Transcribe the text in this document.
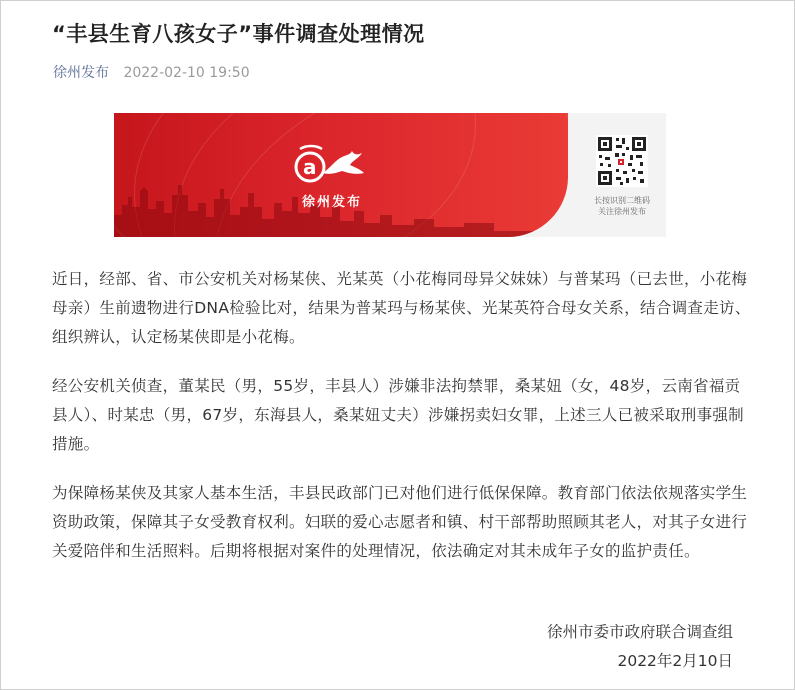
“丰县生育八孩女子”事件调查处理情况
徐州发布 2022-02-10 19:50
a
徐州发布	长按识别二维码
关注徐州发布

近日，经部、省、市公安机关对杨某侠、光某英（小花梅同母异父妹妹）与普某玛（已去世，小花梅母亲）生前遗物进行DNA检验比对，结果为普某玛与杨某侠、光某英符合母女关系，结合调查走访、组织辨认，认定杨某侠即是小花梅。

经公安机关侦查，董某民（男，55岁，丰县人）涉嫌非法拘禁罪，桑某妞（女，48岁，云南省福贡县人）、时某忠（男，67岁，东海县人，桑某妞丈夫）涉嫌拐卖妇女罪，上述三人已被采取刑事强制措施。

为保障杨某侠及其家人基本生活，丰县民政部门已对他们进行低保保障。教育部门依法依规落实学生资助政策，保障其子女受教育权利。妇联的爱心志愿者和镇、村干部帮助照顾其老人，对其子女进行关爱陪伴和生活照料。后期将根据对案件的处理情况，依法确定对其未成年子女的监护责任。

徐州市委市政府联合调查组
2022年2月10日
